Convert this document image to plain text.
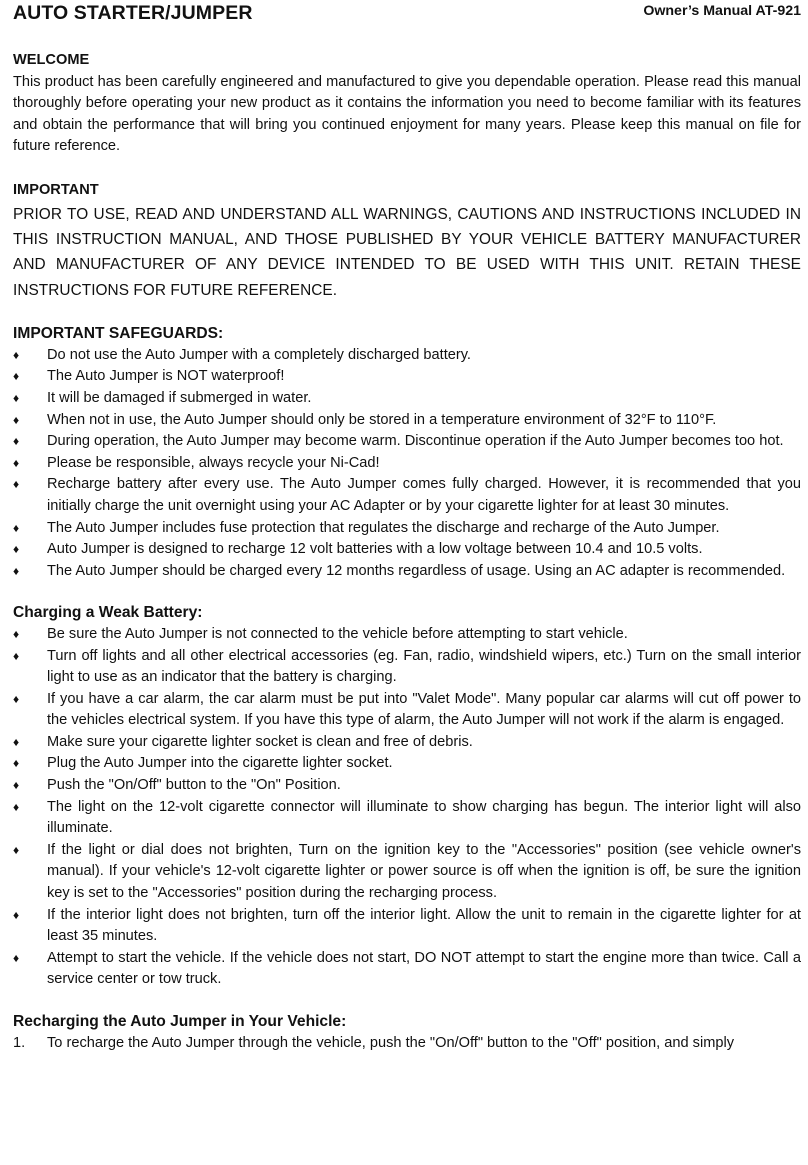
AUTO STARTER/JUMPER	Owner’s Manual AT-921
WELCOME

This product has been carefully engineered and manufactured to give you dependable operation. Please read this manual thoroughly before operating your new product as it contains the information you need to become familiar with its features and obtain the performance that will bring you continued enjoyment for many years. Please keep this manual on file for future reference.

IMPORTANT

PRIOR TO USE, READ AND UNDERSTAND ALL WARNINGS, CAUTIONS AND INSTRUCTIONS INCLUDED IN THIS INSTRUCTION MANUAL, AND THOSE PUBLISHED BY YOUR VEHICLE BATTERY MANUFACTURER AND MANUFACTURER OF ANY DEVICE INTENDED TO BE USED WITH THIS UNIT. RETAIN THESE INSTRUCTIONS FOR FUTURE REFERENCE.

IMPORTANT SAFEGUARDS:
♦	Do not use the Auto Jumper with a completely discharged battery.
♦	The Auto Jumper is NOT waterproof!
♦	It will be damaged if submerged in water.
♦	When not in use, the Auto Jumper should only be stored in a temperature environment of 32°F to 110°F.
♦	During operation, the Auto Jumper may become warm. Discontinue operation if the Auto Jumper becomes too hot.
♦	Please be responsible, always recycle your Ni-Cad!
♦	Recharge battery after every use. The Auto Jumper comes fully charged. However, it is recommended that you initially charge the unit overnight using your AC Adapter or by your cigarette lighter for at least 30 minutes.
♦	The Auto Jumper includes fuse protection that regulates the discharge and recharge of the Auto Jumper.
♦	Auto Jumper is designed to recharge 12 volt batteries with a low voltage between 10.4 and 10.5 volts.
♦	The Auto Jumper should be charged every 12 months regardless of usage. Using an AC adapter is recommended.
Charging a Weak Battery:
♦	Be sure the Auto Jumper is not connected to the vehicle before attempting to start vehicle.
♦	Turn off lights and all other electrical accessories (eg. Fan, radio, windshield wipers, etc.) Turn on the small interior light to use as an indicator that the battery is charging.
♦	If you have a car alarm, the car alarm must be put into "Valet Mode". Many popular car alarms will cut off power to the vehicles electrical system. If you have this type of alarm, the Auto Jumper will not work if the alarm is engaged.
♦	Make sure your cigarette lighter socket is clean and free of debris.
♦	Plug the Auto Jumper into the cigarette lighter socket.
♦	Push the "On/Off" button to the "On" Position.
♦	The light on the 12-volt cigarette connector will illuminate to show charging has begun. The interior light will also illuminate.
♦	If the light or dial does not brighten, Turn on the ignition key to the "Accessories" position (see vehicle owner's manual). If your vehicle's 12-volt cigarette lighter or power source is off when the ignition is off, be sure the ignition key is set to the "Accessories" position during the recharging process.
♦	If the interior light does not brighten, turn off the interior light. Allow the unit to remain in the cigarette lighter for at least 35 minutes.
♦	Attempt to start the vehicle. If the vehicle does not start, DO NOT attempt to start the engine more than twice. Call a service center or tow truck.
Recharging the Auto Jumper in Your Vehicle:
1.	To recharge the Auto Jumper through the vehicle, push the "On/Off" button to the "Off" position, and simply
